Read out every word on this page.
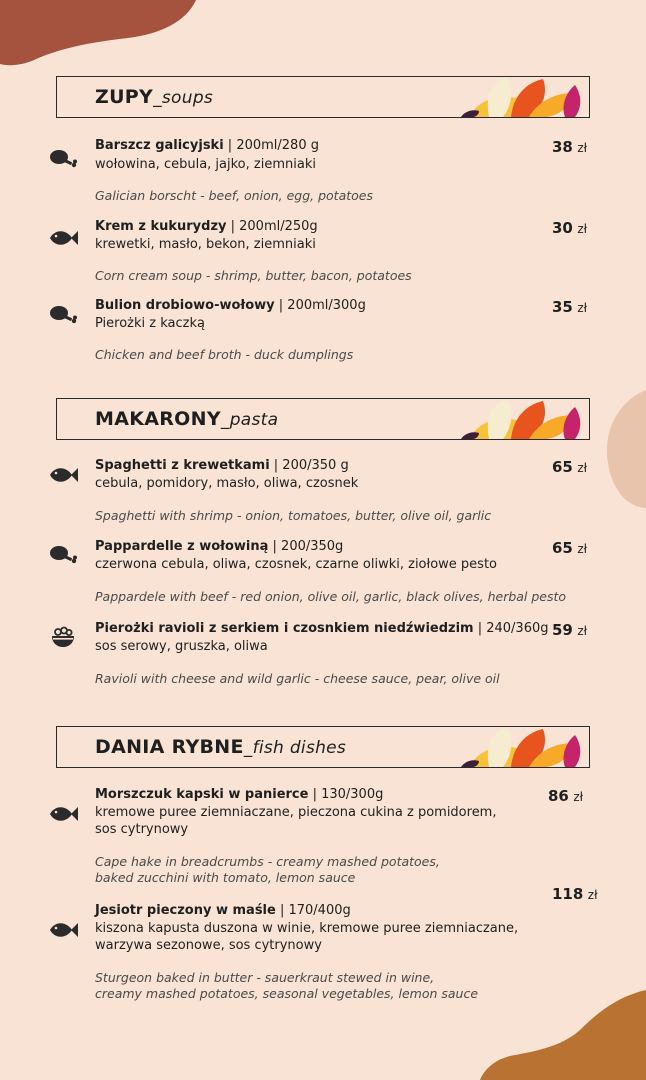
ZUPY_soups
Barszcz galicyjski | 200ml/280 g
wołowina, cebula, jajko, ziemniaki
Galician borscht - beef, onion, egg, potatoes
38 zł
Krem z kukurydzy | 200ml/250g
krewetki, masło, bekon, ziemniaki
Corn cream soup - shrimp, butter, bacon, potatoes
30 zł
Bulion drobiowo-wołowy | 200ml/300g
Pierożki z kaczką
Chicken and beef broth - duck dumplings
35 zł
MAKARONY_pasta
Spaghetti z krewetkami | 200/350 g
cebula, pomidory, masło, oliwa, czosnek
Spaghetti with shrimp - onion, tomatoes, butter, olive oil, garlic
65 zł
Pappardelle z wołowiną | 200/350g
czerwona cebula, oliwa, czosnek, czarne oliwki, ziołowe pesto
Pappardele with beef - red onion, olive oil, garlic, black olives, herbal pesto
65 zł
Pierożki ravioli z serkiem i czosnkiem niedźwiedzim | 240/360g
sos serowy, gruszka, oliwa
Ravioli with cheese and wild garlic - cheese sauce, pear, olive oil
59 zł
DANIA RYBNE_fish dishes
Morszczuk kapski w panierce | 130/300g
kremowe puree ziemniaczane, pieczona cukina z pomidorem, sos cytrynowy
Cape hake in breadcrumbs - creamy mashed potatoes,
baked zucchini with tomato, lemon sauce
86 zł
Jesiotr pieczony w maśle | 170/400g
kiszona kapusta duszona w winie, kremowe puree ziemniaczane, warzywa sezonowe, sos cytrynowy
Sturgeon baked in butter - sauerkraut stewed in wine,
creamy mashed potatoes, seasonal vegetables, lemon sauce
118 zł
